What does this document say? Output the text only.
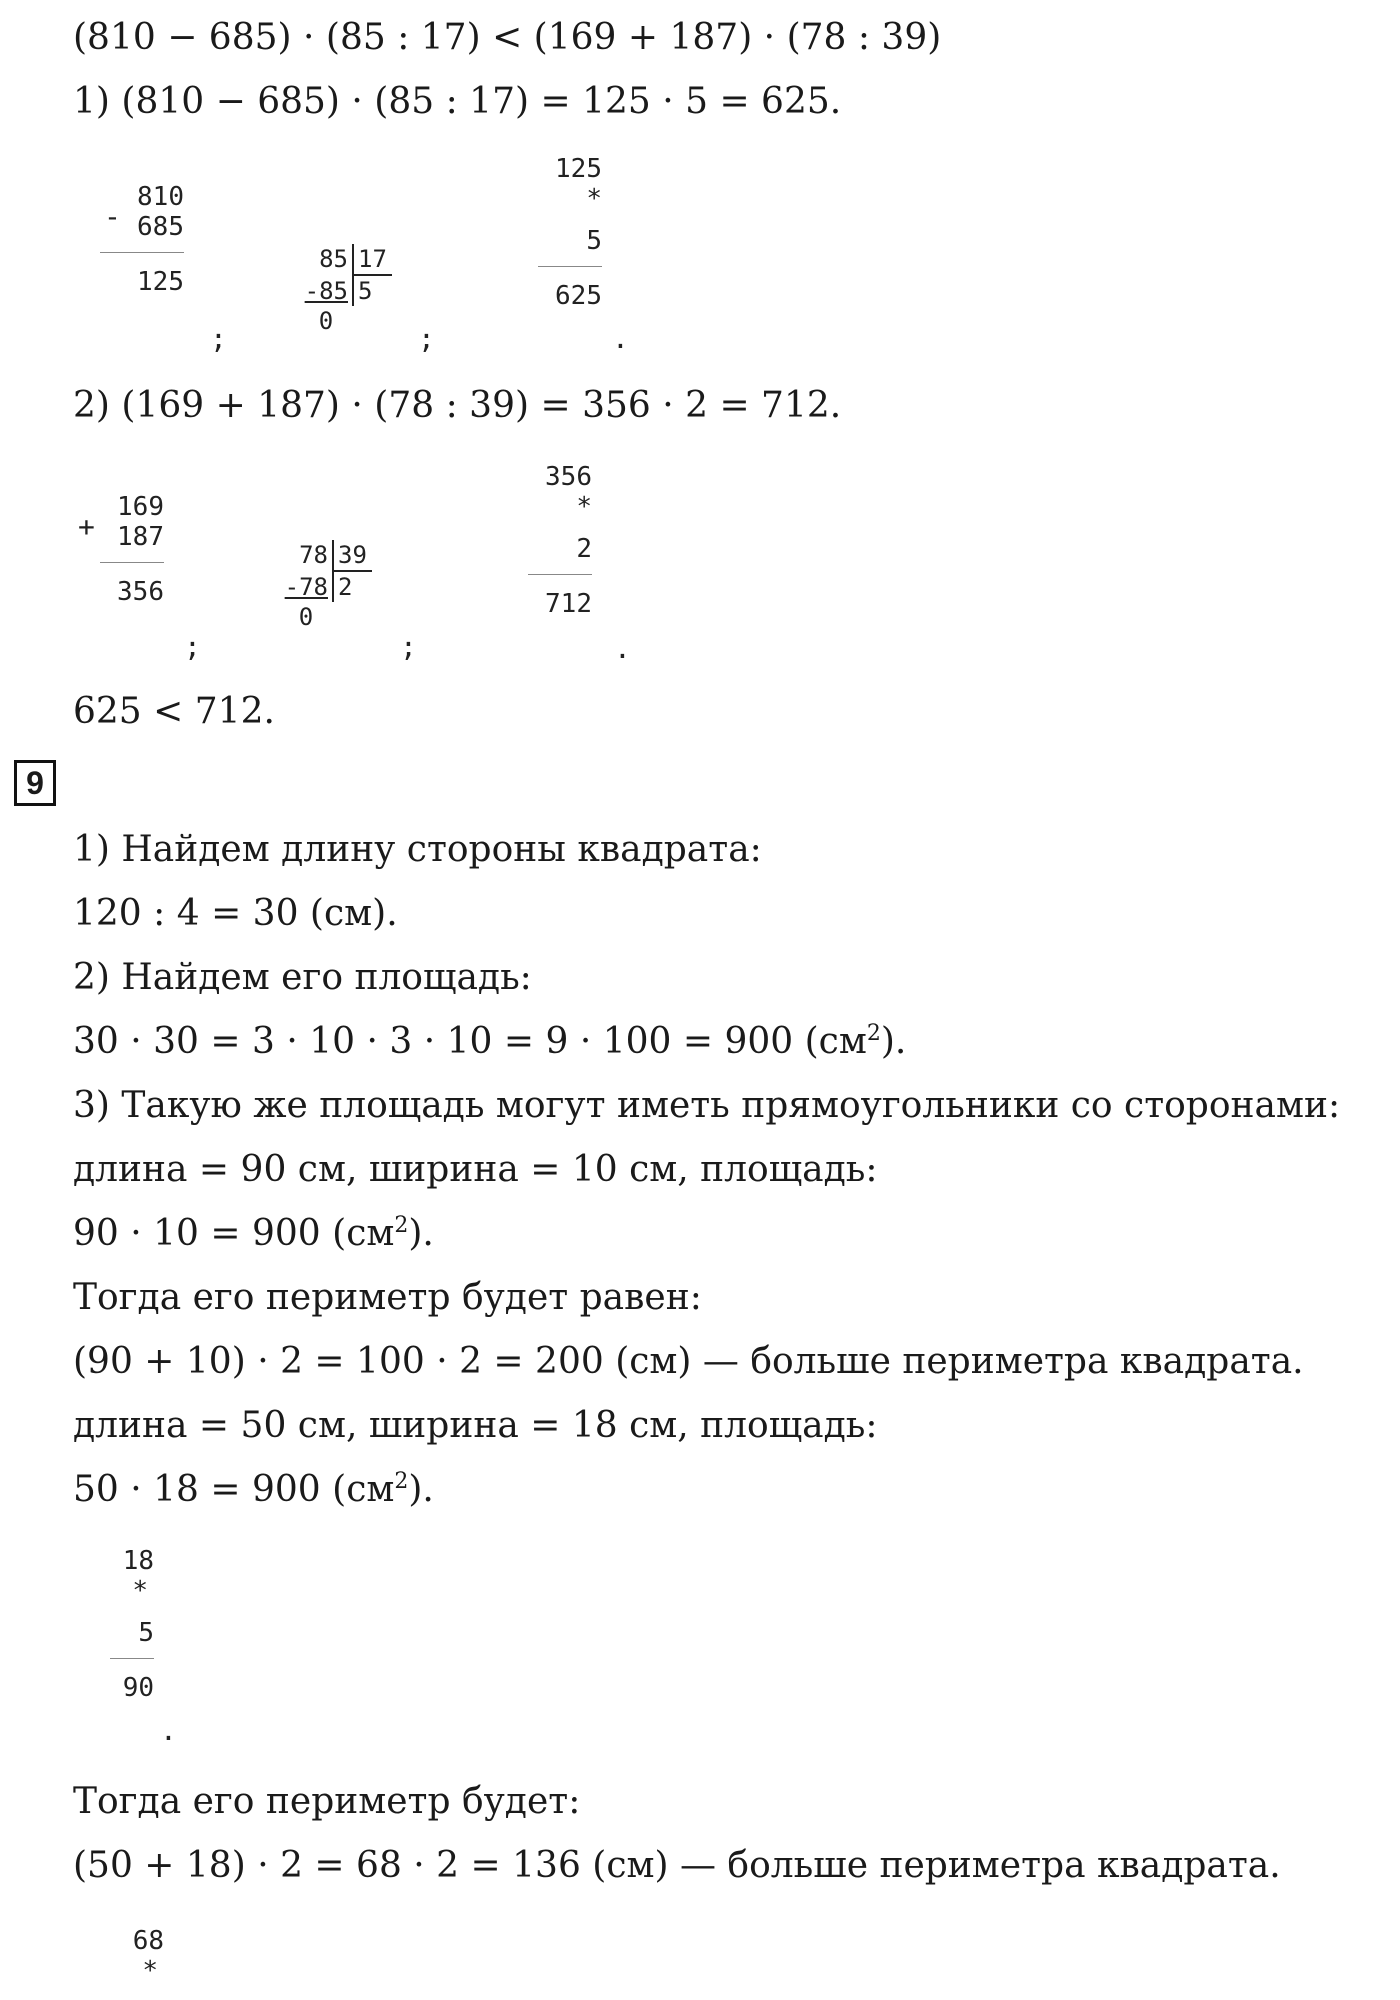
(810 − 685) · (85 : 17) < (169 + 187) · (78 : 39)
1) (810 − 685) · (85 : 17) = 125 · 5 = 625.
810
685
125
-
;
85 17
-85 5
0
;
125
*
5
625
.
2) (169 + 187) · (78 : 39) = 356 · 2 = 712.
169
187
356
+
;
78 39
-78 2
0
;
356
*
2
712
.
625 < 712.
9
1) Найдем длину стороны квадрата:
120 : 4 = 30 (см).
2) Найдем его площадь:
30 · 30 = 3 · 10 · 3 · 10 = 9 · 100 = 900 $(см^2)$.
3) Такую же площадь могут иметь прямоугольники со сторонами:
длина = 90 см, ширина = 10 см, площадь:
90 · 10 = 900 $(см^2)$.
Тогда его периметр будет равен:
(90 + 10) · 2 = 100 · 2 = 200 (см) — больше периметра квадрата.
длина = 50 см, ширина = 18 см, площадь:
50 · 18 = 900 $(см^2)$.
18
*
5
90
.
Тогда его периметр будет:
(50 + 18) · 2 = 68 · 2 = 136 (см) — больше периметра квадрата.
68
*
